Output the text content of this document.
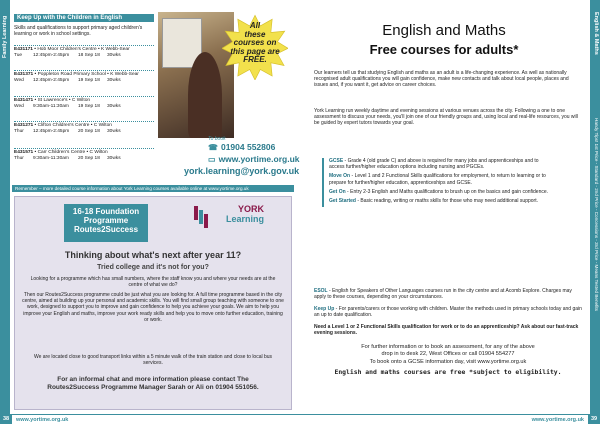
Family Learning	Keep Up with the Children in English
Skills and qualifications to support primary aged children's learning or work in school settings.
E431171 • Hob Moor Children's Centre • K Webb-Sear
Tue	12:45pm-2:45pm	18 Sep 18	30wks
E431371 • Poppleton Road Primary School • K Webb-Sear
Wed	12:45pm-2:45pm	19 Sep 18	30wks
E431471 • St Lawrence's • C Wilton
Wed	9:30am-11:30am	19 Sep 18	30wks
E431271 • Clifton Children's Centre • C Wilton
Thur	12:45pm-2:45pm	20 Sep 18	30wks
E431571 • Carr Children's Centre • C Wilton
Thur	9:30am-11:30am	20 Sep 18	30wks
All
these
courses on
this page are
FREE.
To book
☎ 01904 552806
▭ www.yortime.org.uk
york.learning@york.gov.uk
Remember – more detailed course information about York Learning courses available online at www.yortime.org.uk
16-18 Foundation
Programme
Routes2Success
YORK
Learning
Thinking about what's next after year 11?
Tried college and it's not for you?
Looking for a programme which has small numbers, where the staff know you and where your needs are at the centre of what we do?
Then our Routes2Success programme could be just what you are looking for. A full time programme based in the city centre, aimed at building up your personal and academic skills. You will find small group teaching with someone to one work, designed to support you to improve and gain confidence to help you achieve your goals. We aim to help you improve your English and maths, improve your work ready skills and help you to move onto further education, training or work.
We are located close to good transport links within a 5 minute walk of the train station and close to local bus services.
For an informal chat and more information please contact The Routes2Success Programme Manager Sarah or Ali on 01904 551056.
38	www.yortime.org.uk
English & Maths
Handy Tips! 1st Price - Standard - 2nd Price - Concessions - 3rd Price - Means Tested Benefits
English and Maths
Free courses for adults*
Our learners tell us that studying English and maths as an adult is a life-changing experience. As well as nationally recognised adult qualifications you will gain confidence, make new contacts and talk about local people, places and issues and, if you want it, get advice on career choices.
York Learning run weekly daytime and evening sessions at various venues across the city. Following a one to one assessment to discuss your needs, you'll join one of our friendly groups and, using local and real-life resources, you will be guided by expert tutors towards your goal.
GCSE - Grade 4 (old grade C) and above is required for many jobs and apprenticeships and to access further/higher education options including nursing and PGCEs.
Move On - Level 1 and 2 Functional Skills qualifications for employment, to return to learning or to prepare for further/higher education, apprenticeships and GCSE.
Get On - Entry 2-3 English and Maths qualifications to brush up on the basics and gain confidence.
Get Started - Basic reading, writing or maths skills for those who may need additional support.
ESOL - English for Speakers of Other Languages courses run in the city centre and at Acomb Explore. Charges may apply to these courses, depending on your circumstances.
Keep Up - For parents/carers or those working with children. Master the methods used in primary schools today and gain an up to date qualification.
Need a Level 1 or 2 Functional Skills qualification for work or to do an apprenticeship? Ask about our fast-track evening sessions.
For further information or to book an assessment, for any of the above
drop in to desk 22, West Offices or call 01904 554277
To book onto a GCSE information day, visit www.yortime.org.uk
English and maths courses are free *subject to eligibility.
39
www.yortime.org.uk
